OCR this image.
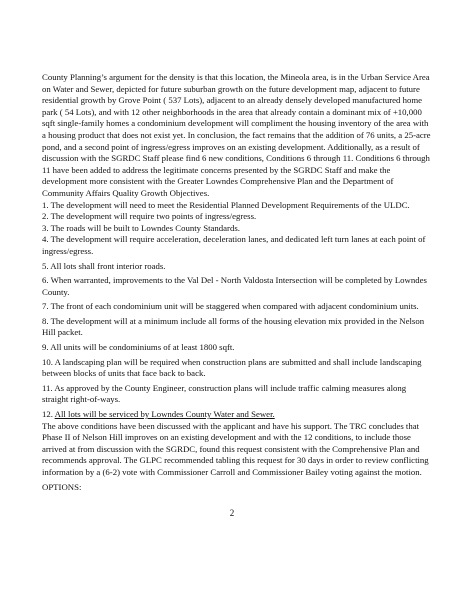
County Planning’s argument for the density is that this location, the Mineola area, is in the Urban Service Area on Water and Sewer, depicted for future suburban growth on the future development map, adjacent to future residential growth by Grove Point ( 537 Lots), adjacent to an already densely developed manufactured home park ( 54 Lots), and with 12 other neighborhoods in the area that already contain a dominant mix of +10,000 sqft single-family homes a condominium development will compliment the housing inventory of the area with a housing product that does not exist yet. In conclusion, the fact remains that the addition of 76 units, a 25-acre pond, and a second point of ingress/egress improves on an existing development. Additionally, as a result of discussion with the SGRDC Staff please find 6 new conditions, Conditions 6 through 11. Conditions 6 through 11 have been added to address the legitimate concerns presented by the SGRDC Staff and make the development more consistent with the Greater Lowndes Comprehensive Plan and the Department of Community Affairs Quality Growth Objectives.

1. The development will need to meet the Residential Planned Development Requirements of the ULDC.

2. The development will require two points of ingress/egress.

3. The roads will be built to Lowndes County Standards.

4. The development will require acceleration, deceleration lanes, and dedicated left turn lanes at each point of ingress/egress.

5. All lots shall front interior roads.

6. When warranted, improvements to the Val Del - North Valdosta Intersection will be completed by Lowndes County.

7. The front of each condominium unit will be staggered when compared with adjacent condominium units.

8. The development will at a minimum include all forms of the housing elevation mix provided in the Nelson Hill packet.

9. All units will be condominiums of at least 1800 sqft.

10. A landscaping plan will be required when construction plans are submitted and shall include landscaping between blocks of units that face back to back.

11. As approved by the County Engineer, construction plans will include traffic calming measures along straight right-of-ways.

12. All lots will be serviced by Lowndes County Water and Sewer.

The above conditions have been discussed with the applicant and have his support. The TRC concludes that Phase II of Nelson Hill improves on an existing development and with the 12 conditions, to include those arrived at from discussion with the SGRDC, found this request consistent with the Comprehensive Plan and recommends approval. The GLPC recommended tabling this request for 30 days in order to review conflicting information by a (6-2) vote with Commissioner Carroll and Commissioner Bailey voting against the motion.

OPTIONS:

2
